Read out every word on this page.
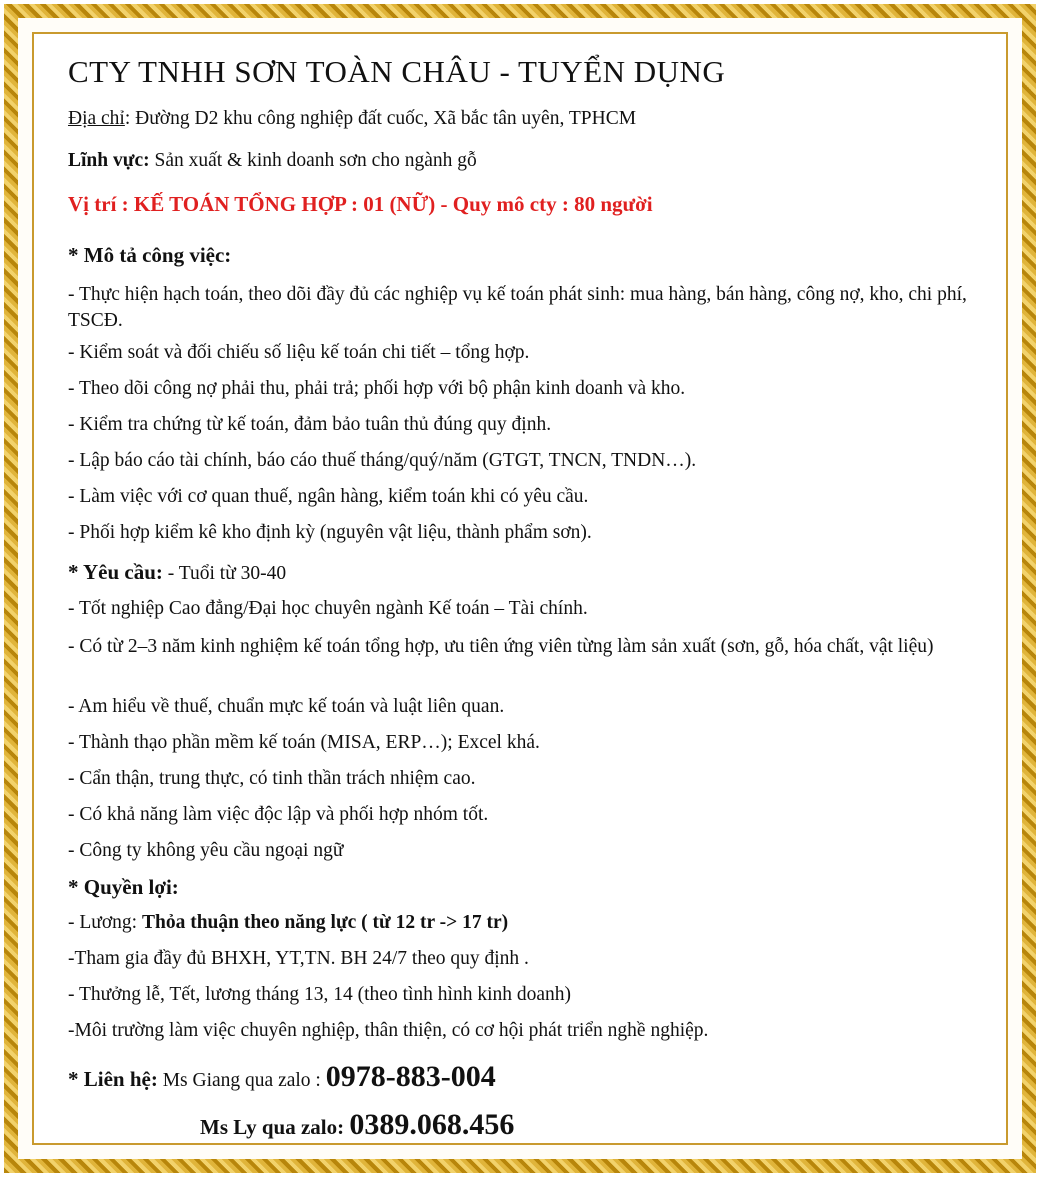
CTY TNHH SƠN TOÀN CHÂU - TUYỂN DỤNG
Địa chỉ: Đường D2 khu công nghiệp đất cuốc, Xã bắc tân uyên, TPHCM
Lĩnh vực: Sản xuất & kinh doanh sơn cho ngành gỗ
Vị trí : KẾ TOÁN TỔNG HỢP : 01 (NỮ) - Quy mô cty : 80 người
* Mô tả công việc:
- Thực hiện hạch toán, theo dõi đầy đủ các nghiệp vụ kế toán phát sinh: mua hàng, bán hàng, công nợ, kho, chi phí, TSCĐ.
- Kiểm soát và đối chiếu số liệu kế toán chi tiết – tổng hợp.
- Theo dõi công nợ phải thu, phải trả; phối hợp với bộ phận kinh doanh và kho.
- Kiểm tra chứng từ kế toán, đảm bảo tuân thủ đúng quy định.
- Lập báo cáo tài chính, báo cáo thuế tháng/quý/năm (GTGT, TNCN, TNDN…).
- Làm việc với cơ quan thuế, ngân hàng, kiểm toán khi có yêu cầu.
- Phối hợp kiểm kê kho định kỳ (nguyên vật liệu, thành phẩm sơn).
* Yêu cầu: - Tuổi từ 30-40
- Tốt nghiệp Cao đẳng/Đại học chuyên ngành Kế toán – Tài chính.
- Có từ 2–3 năm kinh nghiệm kế toán tổng hợp, ưu tiên ứng viên từng làm sản xuất (sơn, gỗ, hóa chất, vật liệu)
- Am hiểu về thuế, chuẩn mực kế toán và luật liên quan.
- Thành thạo phần mềm kế toán (MISA, ERP…); Excel khá.
- Cẩn thận, trung thực, có tinh thần trách nhiệm cao.
- Có khả năng làm việc độc lập và phối hợp nhóm tốt.
- Công ty không yêu cầu ngoại ngữ
* Quyền lợi:
- Lương: Thỏa thuận theo năng lực ( từ 12 tr -> 17 tr)
-Tham gia đầy đủ BHXH, YT,TN. BH 24/7 theo quy định .
- Thưởng lễ, Tết, lương tháng 13, 14 (theo tình hình kinh doanh)
-Môi trường làm việc chuyên nghiệp, thân thiện, có cơ hội phát triển nghề nghiệp.
* Liên hệ: Ms Giang qua zalo : 0978-883-004
Ms Ly qua zalo: 0389.068.456
